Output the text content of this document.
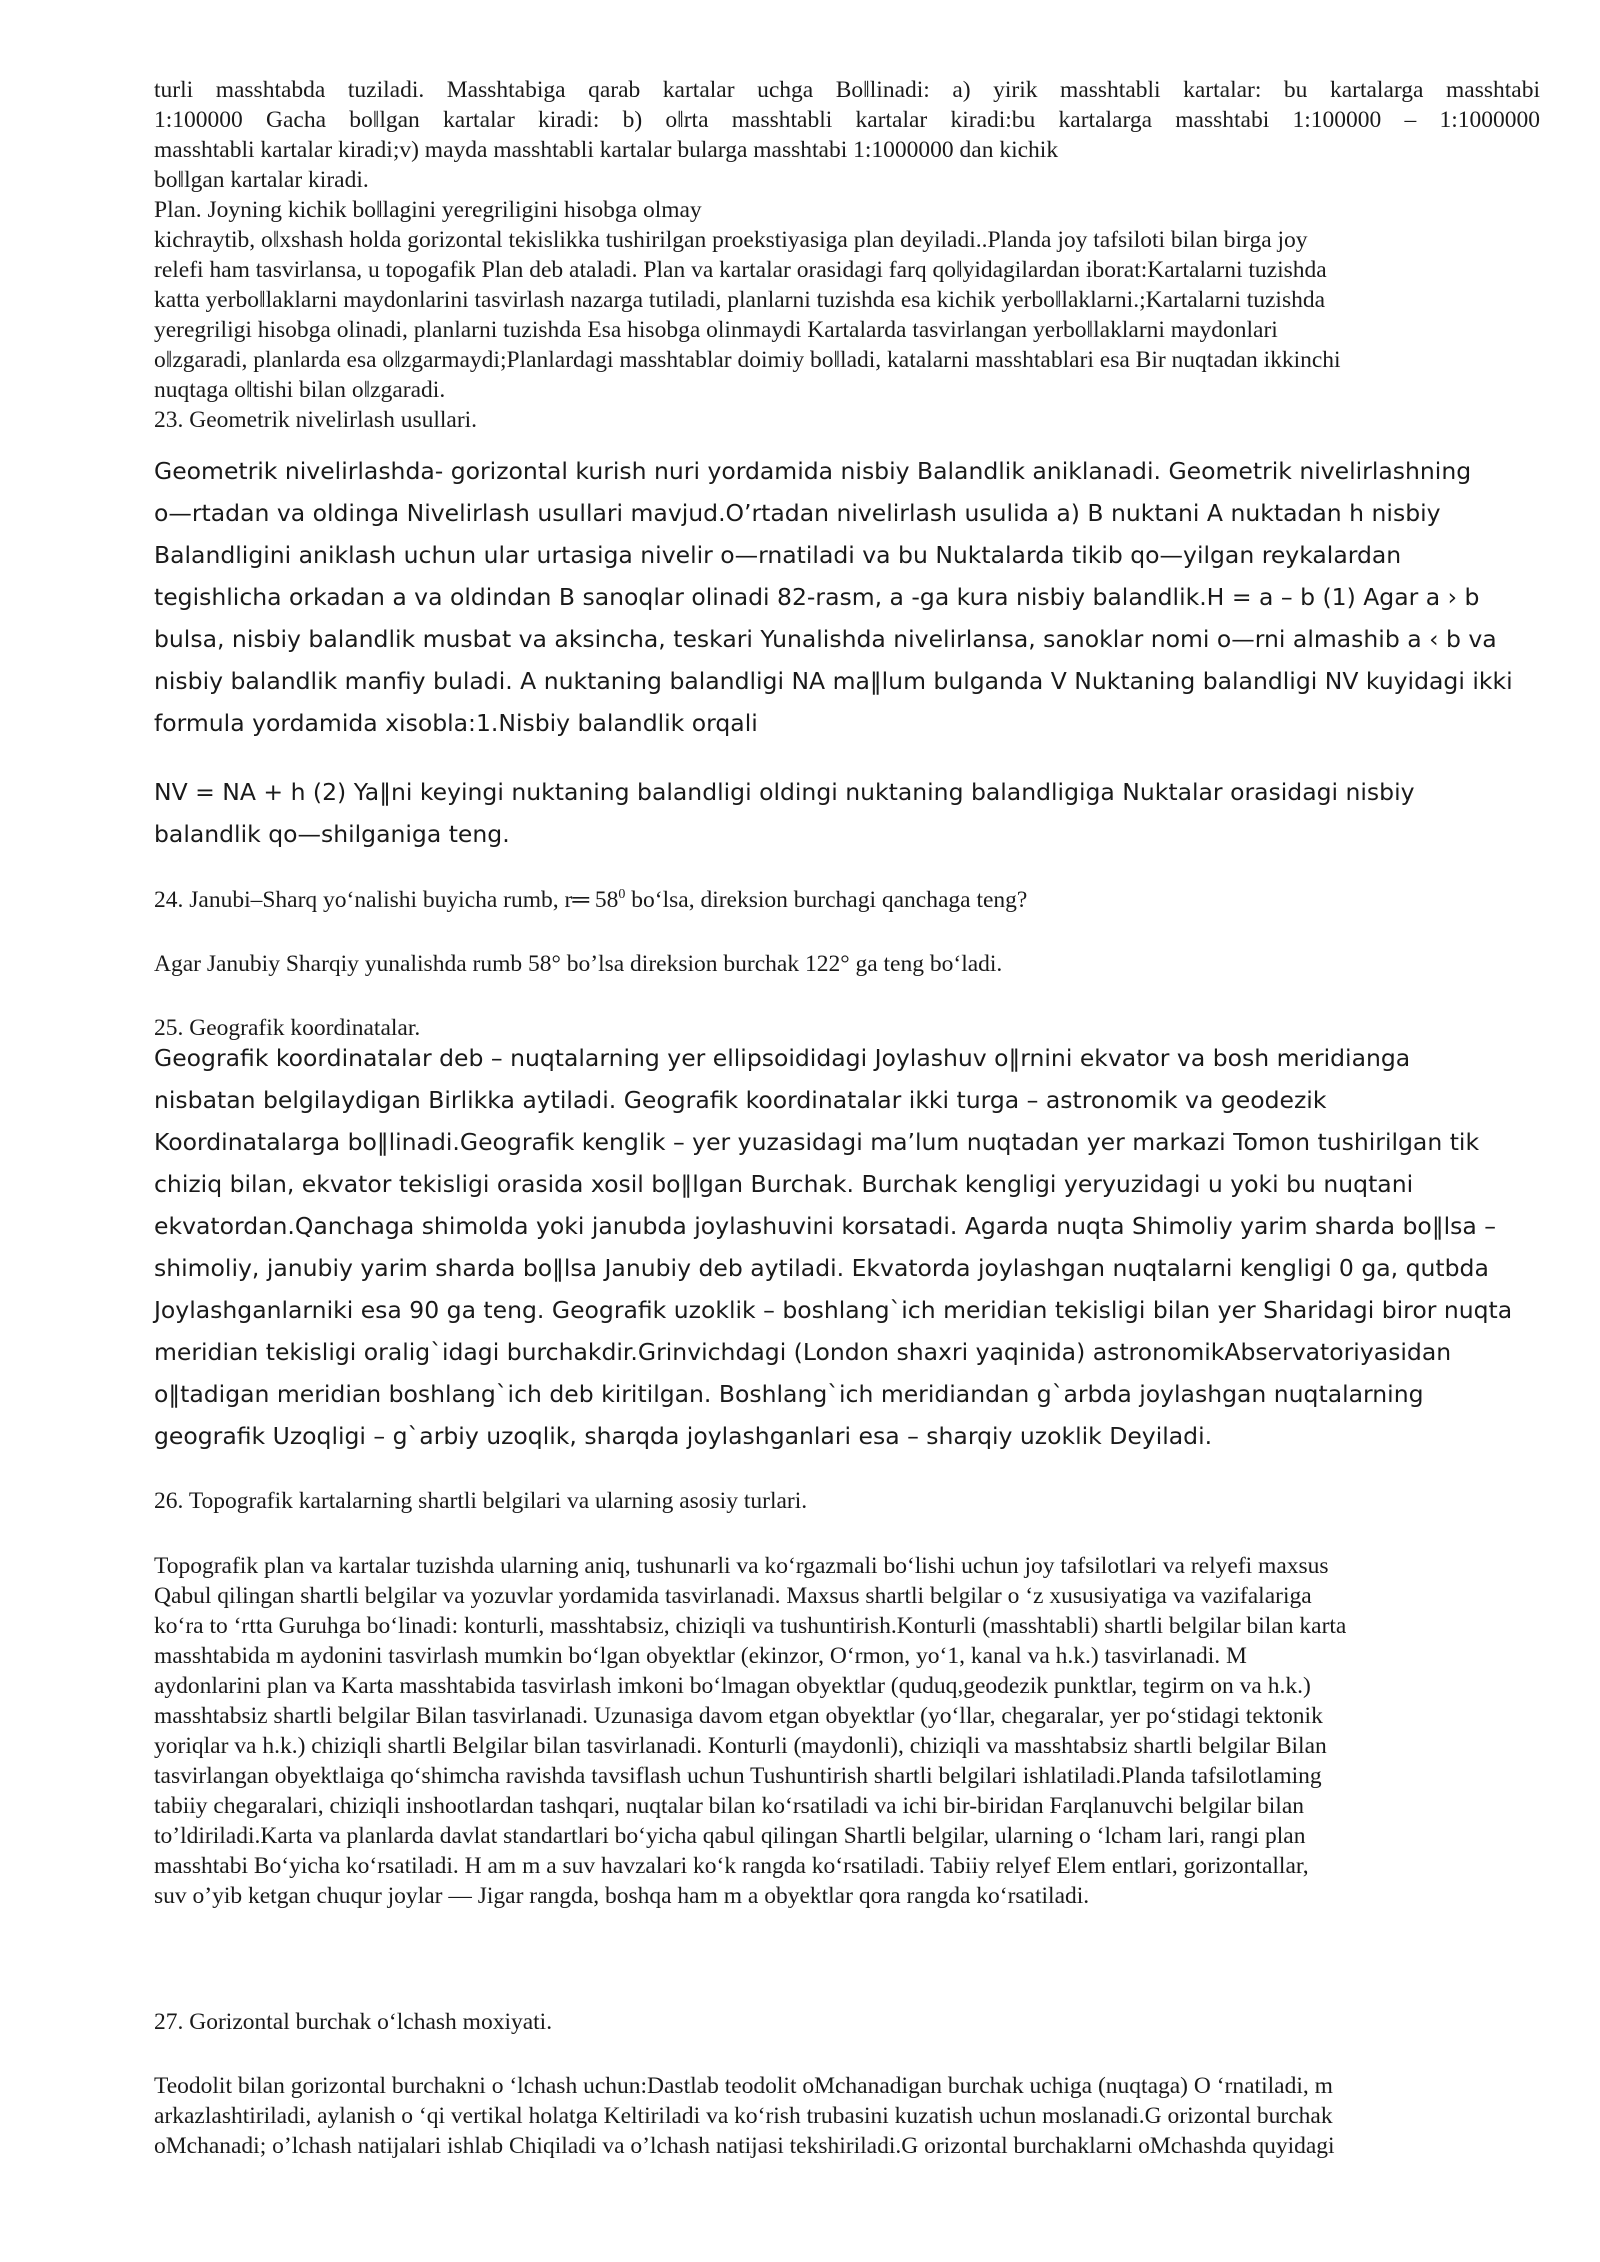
turli masshtabda tuziladi. Masshtabiga qarab kartalar uchga Bo‖linadi: a) yirik masshtabli kartalar: bu kartalarga masshtabi
1:100000 Gacha bo‖lgan kartalar kiradi: b) o‖rta masshtabli kartalar kiradi:bu kartalarga masshtabi 1:100000 – 1:1000000
masshtabli kartalar kiradi;v) mayda masshtabli kartalar bularga masshtabi 1:1000000 dan kichik
bo‖lgan kartalar kiradi.
Plan. Joyning kichik bo‖lagini yeregriligini hisobga olmay
kichraytib, o‖xshash holda gorizontal tekislikka tushirilgan proekstiyasiga plan deyiladi..Planda joy tafsiloti bilan birga joy
relefi ham tasvirlansa, u topogafik Plan deb ataladi. Plan va kartalar orasidagi farq qo‖yidagilardan iborat:Kartalarni tuzishda
katta yerbo‖laklarni maydonlarini tasvirlash nazarga tutiladi, planlarni tuzishda esa kichik yerbo‖laklarni.;Kartalarni tuzishda
yeregriligi hisobga olinadi, planlarni tuzishda Esa hisobga olinmaydi Kartalarda tasvirlangan yerbo‖laklarni maydonlari
o‖zgaradi, planlarda esa o‖zgarmaydi;Planlardagi masshtablar doimiy bo‖ladi, katalarni masshtablari esa Bir nuqtadan ikkinchi
nuqtaga o‖tishi bilan o‖zgaradi.
23. Geometrik nivelirlash usullari.
Geometrik nivelirlashda- gorizontal kurish nuri yordamida nisbiy Balandlik aniklanadi. Geometrik nivelirlashning
o—rtadan va oldinga Nivelirlash usullari mavjud.O’rtadan nivelirlash usulida a) B nuktani A nuktadan h nisbiy
Balandligini aniklash uchun ular urtasiga nivelir o—rnatiladi va bu Nuktalarda tikib qo—yilgan reykalardan
tegishlicha orkadan a va oldindan B sanoqlar olinadi 82-rasm, a -ga kura nisbiy balandlik.H = a – b (1) Agar a › b
bulsa, nisbiy balandlik musbat va aksincha, teskari Yunalishda nivelirlansa, sanoklar nomi o—rni almashib a ‹ b va
nisbiy balandlik manfiy buladi. A nuktaning balandligi NA ma‖lum bulganda V Nuktaning balandligi NV kuyidagi ikki
formula yordamida xisobla:1.Nisbiy balandlik orqali
NV = NA + h (2) Ya‖ni keyingi nuktaning balandligi oldingi nuktaning balandligiga Nuktalar orasidagi nisbiy
balandlik qo—shilganiga teng.
24. Janubi–Sharq yo‘nalishi buyicha rumb, r═ $58^0$ bo‘lsa, direksion burchagi qanchaga teng?
Agar Janubiy Sharqiy yunalishda rumb 58° bo’lsa direksion burchak 122° ga teng bo‘ladi.
25. Geografik koordinatalar.
Geografik koordinatalar deb – nuqtalarning yer ellipsoididagi Joylashuv o‖rnini ekvator va bosh meridianga
nisbatan belgilaydigan Birlikka aytiladi. Geografik koordinatalar ikki turga – astronomik va geodezik
Koordinatalarga bo‖linadi.Geografik kenglik – yer yuzasidagi ma’lum nuqtadan yer markazi Tomon tushirilgan tik
chiziq bilan, ekvator tekisligi orasida xosil bo‖lgan Burchak. Burchak kengligi yeryuzidagi u yoki bu nuqtani
ekvatordan.Qanchaga shimolda yoki janubda joylashuvini korsatadi. Agarda nuqta Shimoliy yarim sharda bo‖lsa –
shimoliy, janubiy yarim sharda bo‖lsa Janubiy deb aytiladi. Ekvatorda joylashgan nuqtalarni kengligi 0 ga, qutbda
Joylashganlarniki esa 90 ga teng. Geografik uzoklik – boshlang`ich meridian tekisligi bilan yer Sharidagi biror nuqta
meridian tekisligi oralig`idagi burchakdir.Grinvichdagi (London shaxri yaqinida) astronomikAbservatoriyasidan
o‖tadigan meridian boshlang`ich deb kiritilgan. Boshlang`ich meridiandan g`arbda joylashgan nuqtalarning
geografik Uzoqligi – g`arbiy uzoqlik, sharqda joylashganlari esa – sharqiy uzoklik Deyiladi.
26. Topografik kartalarning shartli belgilari va ularning asosiy turlari.
Topografik plan va kartalar tuzishda ularning aniq, tushunarli va ko‘rgazmali bo‘lishi uchun joy tafsilotlari va relyefi maxsus
Qabul qilingan shartli belgilar va yozuvlar yordamida tasvirlanadi. Maxsus shartli belgilar o ‘z xususiyatiga va vazifalariga
ko‘ra to ‘rtta Guruhga bo‘linadi: konturli, masshtabsiz, chiziqli va tushuntirish.Konturli (masshtabli) shartli belgilar bilan karta
masshtabida m aydonini tasvirlash mumkin bo‘lgan obyektlar (ekinzor, O‘rmon, yo‘1, kanal va h.k.) tasvirlanadi. M
aydonlarini plan va Karta masshtabida tasvirlash imkoni bo‘lmagan obyektlar (quduq,geodezik punktlar, tegirm on va h.k.)
masshtabsiz shartli belgilar Bilan tasvirlanadi. Uzunasiga davom etgan obyektlar (yo‘llar, chegaralar, yer po‘stidagi tektonik
yoriqlar va h.k.) chiziqli shartli Belgilar bilan tasvirlanadi. Konturli (maydonli), chiziqli va masshtabsiz shartli belgilar Bilan
tasvirlangan obyektlaiga qo‘shimcha ravishda tavsiflash uchun Tushuntirish shartli belgilari ishlatiladi.Planda tafsilotlaming
tabiiy chegaralari, chiziqli inshootlardan tashqari, nuqtalar bilan ko‘rsatiladi va ichi bir-biridan Farqlanuvchi belgilar bilan
to’ldiriladi.Karta va planlarda davlat standartlari bo‘yicha qabul qilingan Shartli belgilar, ularning o ‘lcham lari, rangi plan
masshtabi Bo‘yicha ko‘rsatiladi. H am m a suv havzalari ko‘k rangda ko‘rsatiladi. Tabiiy relyef Elem entlari, gorizontallar,
suv o’yib ketgan chuqur joylar — Jigar rangda, boshqa ham m a obyektlar qora rangda ko‘rsatiladi.
27. Gorizontal burchak o‘lchash moxiyati.
Teodolit bilan gorizontal burchakni o ‘lchash uchun:Dastlab teodolit oMchanadigan burchak uchiga (nuqtaga) O ‘rnatiladi, m
arkazlashtiriladi, aylanish o ‘qi vertikal holatga Keltiriladi va ko‘rish trubasini kuzatish uchun moslanadi.G orizontal burchak
oMchanadi; o’lchash natijalari ishlab Chiqiladi va o’lchash natijasi tekshiriladi.G orizontal burchaklarni oMchashda quyidagi
